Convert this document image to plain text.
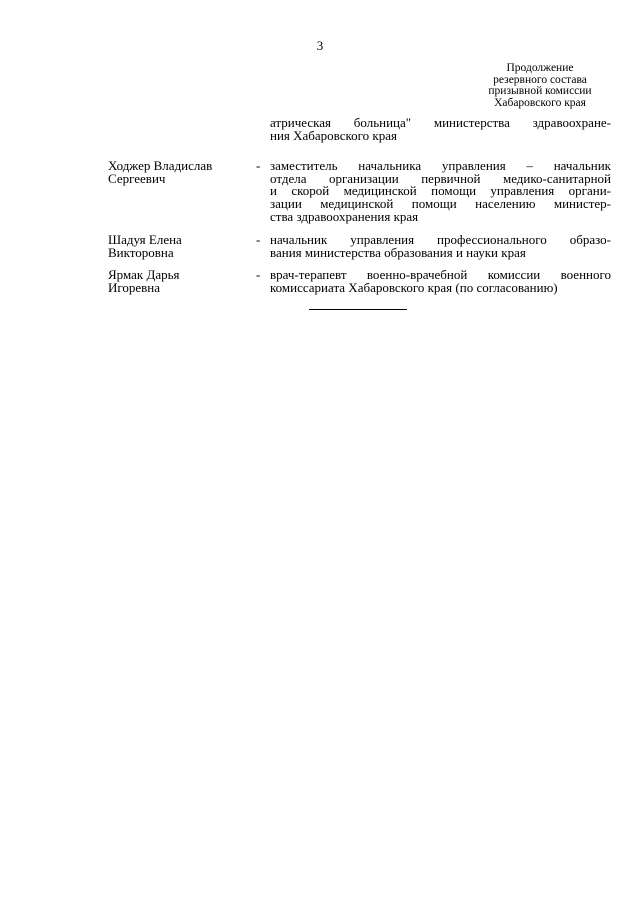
3
Продолжение
резервного состава
призывной комиссии
Хабаровского края
атрическая больница" министерства здравоохране-
ния Хабаровского края
Ходжер Владислав
Сергеевич
- заместитель начальника управления – начальник
отдела организации первичной медико-санитарной
и скорой медицинской помощи управления органи-
зации медицинской помощи населению министер-
ства здравоохранения края
Шадуя Елена
Викторовна
- начальник управления профессионального образо-
вания министерства образования и науки края
Ярмак Дарья
Игоревна
- врач-терапевт военно-врачебной комиссии военного
комиссариата Хабаровского края (по согласованию)
